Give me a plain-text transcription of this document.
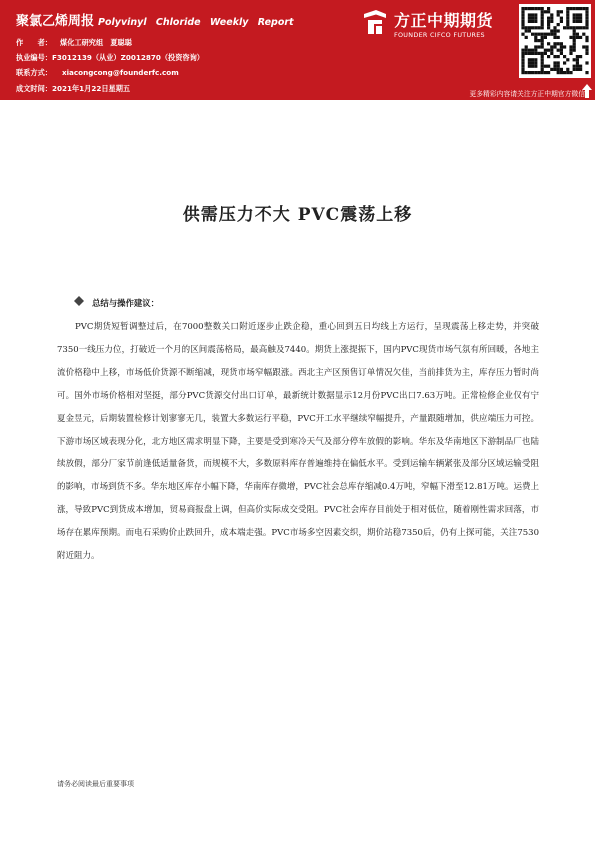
聚氯乙烯周报 Polyvinyl Chloride Weekly Report
作　　者： 煤化工研究组　夏聪聪
执业编号：F3012139（从业）Z0012870（投资咨询）
联系方式： xiacongcong@founderfc.com
成文时间：2021年1月22日星期五
方正中期期货
FOUNDER CIFCO FUTURES
更多精彩内容请关注方正中期官方微信
供需压力不大 PVC震荡上移
总结与操作建议：
PVC期货短暂调整过后，在7000整数关口附近逐步止跌企稳，重心回到五日均线上方运行，呈现震荡上移走势，并突破7350一线压力位，打破近一个月的区间震荡格局，最高触及7440。期货上涨提振下，国内PVC现货市场气氛有所回暖，各地主流价格稳中上移，市场低价货源不断缩减，现货市场窄幅跟涨。西北主产区预售订单情况欠佳，当前排货为主，库存压力暂时尚可。国外市场价格相对坚挺，部分PVC货源交付出口订单，最新统计数据显示12月份PVC出口7.63万吨。正常检修企业仅有宁夏金昱元，后期装置检修计划寥寥无几，装置大多数运行平稳，PVC开工水平继续窄幅提升，产量跟随增加，供应端压力可控。下游市场区域表现分化，北方地区需求明显下降，主要是受到寒冷天气及部分停车放假的影响。华东及华南地区下游制品厂也陆续放假，部分厂家节前逢低适量备货，而规模不大，多数原料库存普遍维持在偏低水平。受到运输车辆紧张及部分区域运输受阻的影响，市场到货不多。华东地区库存小幅下降，华南库存微增，PVC社会总库存缩减0.4万吨，窄幅下滑至12.81万吨。运费上涨，导致PVC到货成本增加，贸易商报盘上调，但高价实际成交受阻。PVC社会库存目前处于相对低位，随着刚性需求回落，市场存在累库预期。而电石采购价止跌回升，成本端走强。PVC市场多空因素交织，期价站稳7350后，仍有上探可能，关注7530附近阻力。
请务必阅读最后重要事项
